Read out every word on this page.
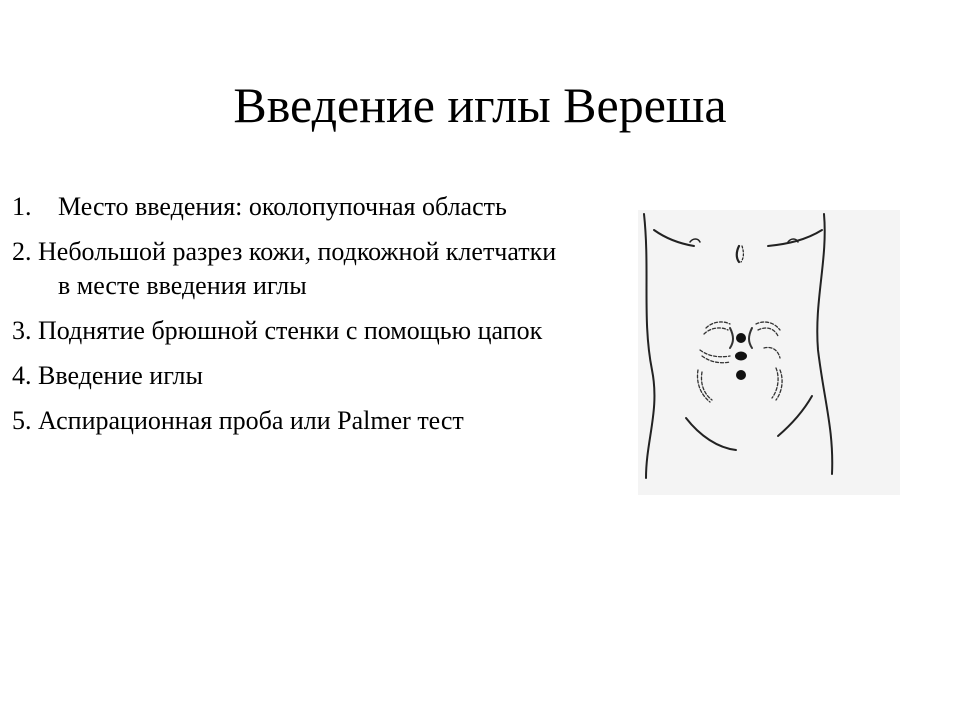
Введение иглы Вереша
1. Место введения: околопупочная область
2. Небольшой разрез кожи, подкожной клетчатки в месте введения иглы
3. Поднятие брюшной стенки с помощью цапок
4. Введение иглы
5. Аспирационная проба или Palmer тест
